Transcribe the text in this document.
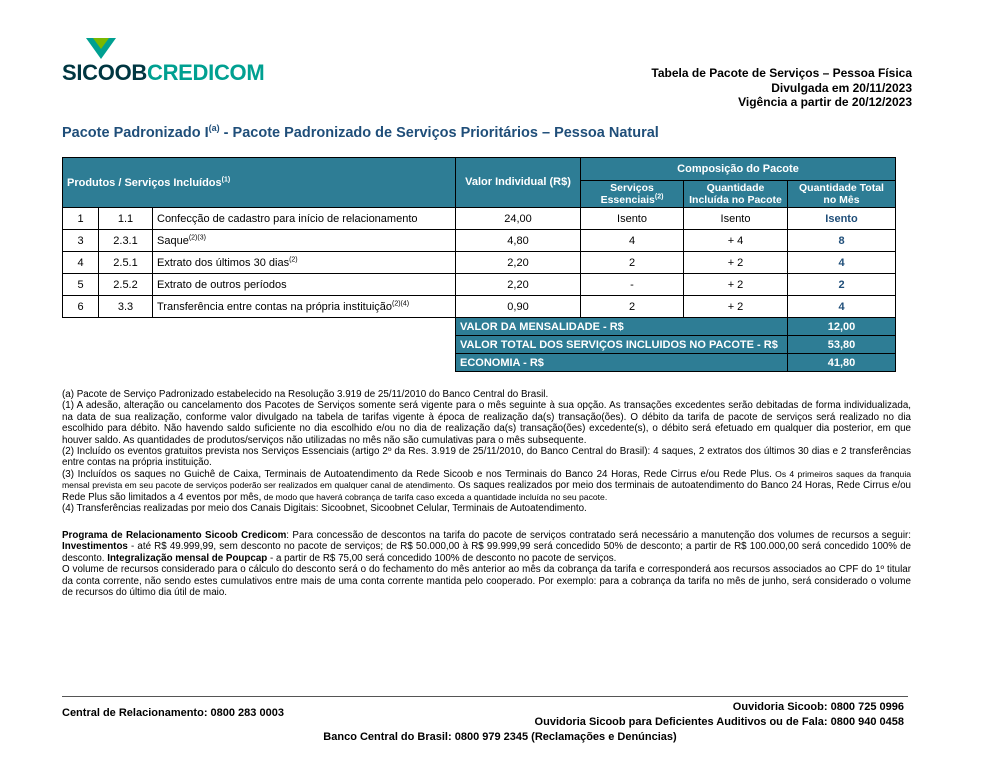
SICOOBCREDICOM	Tabela de Pacote de Serviços – Pessoa Física
Divulgada em 20/11/2023
Vigência a partir de 20/12/2023
Pacote Padronizado $I^{(a)}$ - Pacote Padronizado de Serviços Prioritários – Pessoa Natural
Produtos / Serviços Incluídos$^{(1)}$			Valor Individual (R$)	Composição do Pacote		
				Serviços Essenciais$^{(2)}$	Quantidade Incluída no Pacote	Quantidade Total no Mês
1	1.1	Confecção de cadastro para início de relacionamento	24,00	Isento	Isento	Isento
3	2.3.1	Saque$^{(2)(3)}$	4,80	4	+ 4	8
4	2.5.1	Extrato dos últimos 30 dias$^{(2)}$	2,20	2	+ 2	4
5	2.5.2	Extrato de outros períodos	2,20	-	+ 2	2
6	3.3	Transferência entre contas na própria instituição$^{(2)(4)}$	0,90	2	+ 2	4
			VALOR DA MENSALIDADE - R$			12,00
			VALOR TOTAL DOS SERVIÇOS INCLUIDOS NO PACOTE - R$			53,80
			ECONOMIA - R$			41,80

(a) Pacote de Serviço Padronizado estabelecido na Resolução 3.919 de 25/11/2010 do Banco Central do Brasil.

(1) A adesão, alteração ou cancelamento dos Pacotes de Serviços somente será vigente para o mês seguinte à sua opção. As transações excedentes serão debitadas de forma individualizada, na data de sua realização, conforme valor divulgado na tabela de tarifas vigente à época de realização da(s) transação(ões). O débito da tarifa de pacote de serviços será realizado no dia escolhido para débito. Não havendo saldo suficiente no dia escolhido e/ou no dia de realização da(s) transação(ões) excedente(s), o débito será efetuado em qualquer dia posterior, em que houver saldo. As quantidades de produtos/serviços não utilizadas no mês não são cumulativas para o mês subsequente.

(2) Incluído os eventos gratuitos prevista nos Serviços Essenciais (artigo 2º da Res. 3.919 de 25/11/2010, do Banco Central do Brasil): 4 saques, 2 extratos dos últimos 30 dias e 2 transferências entre contas na própria instituição.

(3) Incluídos os saques no Guichê de Caixa, Terminais de Autoatendimento da Rede Sicoob e nos Terminais do Banco 24 Horas, Rede Cirrus e/ou Rede Plus. Os 4 primeiros saques da franquia mensal prevista em seu pacote de serviços poderão ser realizados em qualquer canal de atendimento. Os saques realizados por meio dos terminais de autoatendimento do Banco 24 Horas, Rede Cirrus e/ou Rede Plus são limitados a 4 eventos por mês, de modo que haverá cobrança de tarifa caso exceda a quantidade incluída no seu pacote.

(4) Transferências realizadas por meio dos Canais Digitais: Sicoobnet, Sicoobnet Celular, Terminais de Autoatendimento.

Programa de Relacionamento Sicoob Credicom: Para concessão de descontos na tarifa do pacote de serviços contratado será necessário a manutenção dos volumes de recursos a seguir: Investimentos - até R$ 49.999,99, sem desconto no pacote de serviços; de R$ 50.000,00 à R$ 99.999,99 será concedido 50% de desconto; a partir de R$ 100.000,00 será concedido 100% de desconto. Integralização mensal de Poupcap - a partir de R$ 75,00 será concedido 100% de desconto no pacote de serviços.

O volume de recursos considerado para o cálculo do desconto será o do fechamento do mês anterior ao mês da cobrança da tarifa e corresponderá aos recursos associados ao CPF do 1º titular da conta corrente, não sendo estes cumulativos entre mais de uma conta corrente mantida pelo cooperado. Por exemplo: para a cobrança da tarifa no mês de junho, será considerado o volume de recursos do último dia útil de maio.

Central de Relacionamento: 0800 283 0003	Ouvidoria Sicoob: 0800 725 0996
Ouvidoria Sicoob para Deficientes Auditivos ou de Fala: 0800 940 0458
Banco Central do Brasil: 0800 979 2345 (Reclamações e Denúncias)
